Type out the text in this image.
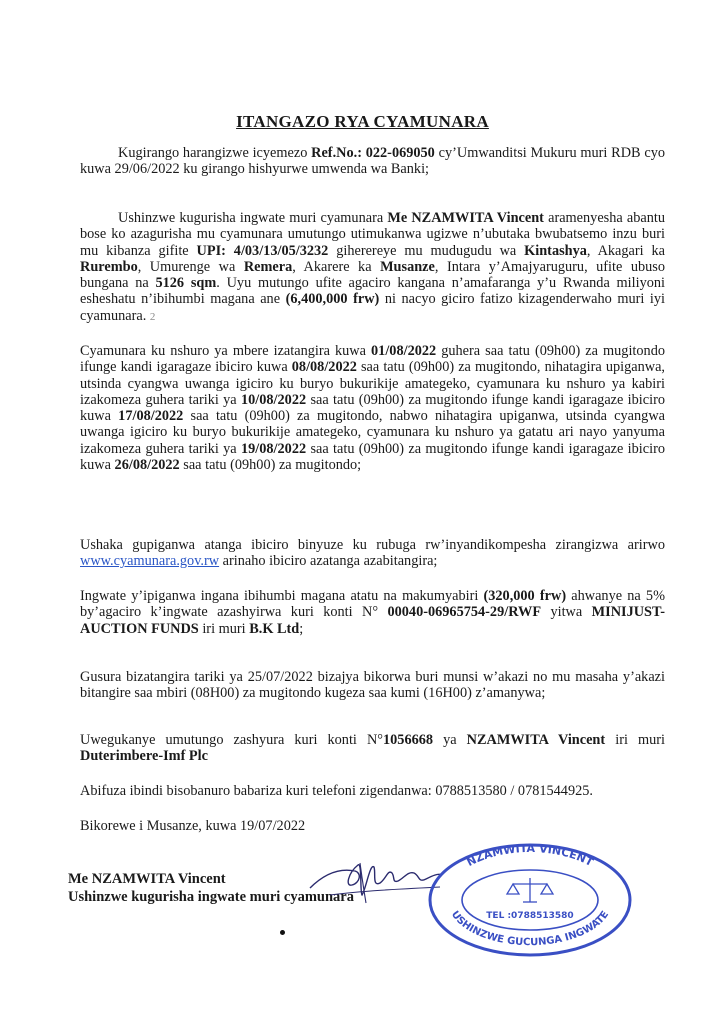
ITANGAZO RYA CYAMUNARA
Kugirango harangizwe icyemezo Ref.No.: 022-069050 cy’Umwanditsi Mukuru muri RDB cyo kuwa 29/06/2022 ku girango hishyurwe umwenda wa Banki;
Ushinzwe kugurisha ingwate muri cyamunara Me NZAMWITA Vincent aramenyesha abantu bose ko azagurisha mu cyamunara umutungo utimukanwa ugizwe n’ubutaka bwubatsemo inzu buri mu kibanza gifite UPI: 4/03/13/05/3232 giherereye mu mudugudu wa Kintashya, Akagari ka Rurembo, Umurenge wa Remera, Akarere ka Musanze, Intara y’Amajyaruguru, ufite ubuso bungana na 5126 sqm. Uyu mutungo ufite agaciro kangana n’amafaranga y’u Rwanda miliyoni esheshatu n’ibihumbi magana ane (6,400,000 frw) ni nacyo giciro fatizo kizagenderwaho muri iyi cyamunara. 2
Cyamunara ku nshuro ya mbere izatangira kuwa 01/08/2022 guhera saa tatu (09h00) za mugitondo ifunge kandi igaragaze ibiciro kuwa 08/08/2022 saa tatu (09h00) za mugitondo, nihatagira upiganwa, utsinda cyangwa uwanga igiciro ku buryo bukurikije amategeko, cyamunara ku nshuro ya kabiri izakomeza guhera tariki ya 10/08/2022 saa tatu (09h00) za mugitondo ifunge kandi igaragaze ibiciro kuwa 17/08/2022 saa tatu (09h00) za mugitondo, nabwo nihatagira upiganwa, utsinda cyangwa uwanga igiciro ku buryo bukurikije amategeko, cyamunara ku nshuro ya gatatu ari nayo yanyuma izakomeza guhera tariki ya 19/08/2022 saa tatu (09h00) za mugitondo ifunge kandi igaragaze ibiciro kuwa 26/08/2022 saa tatu (09h00) za mugitondo;
Ushaka gupiganwa atanga ibiciro binyuze ku rubuga rw’inyandikompesha zirangizwa arirwo www.cyamunara.gov.rw arinaho ibiciro azatanga azabitangira;
Ingwate y’ipiganwa ingana ibihumbi magana atatu na makumyabiri (320,000 frw) ahwanye na 5% by’agaciro k’ingwate azashyirwa kuri konti N° 00040-06965754-29/RWF yitwa MINIJUST-AUCTION FUNDS iri muri B.K Ltd;
Gusura bizatangira tariki ya 25/07/2022 bizajya bikorwa buri munsi w’akazi no mu masaha y’akazi bitangire saa mbiri (08H00) za mugitondo kugeza saa kumi (16H00) z’amanywa;
Uwegukanye umutungo zashyura kuri konti N°1056668 ya NZAMWITA Vincent iri muri Duterimbere-Imf Plc
Abifuza ibindi bisobanuro babariza kuri telefoni zigendanwa: 0788513580 / 0781544925.
Bikorewe i Musanze, kuwa 19/07/2022
Me NZAMWITA Vincent
Ushinzwe kugurisha ingwate muri cyamunara
NZAMWITA VINCENT
USHINZWE GUCUNGA INGWATE
TEL :0788513580
